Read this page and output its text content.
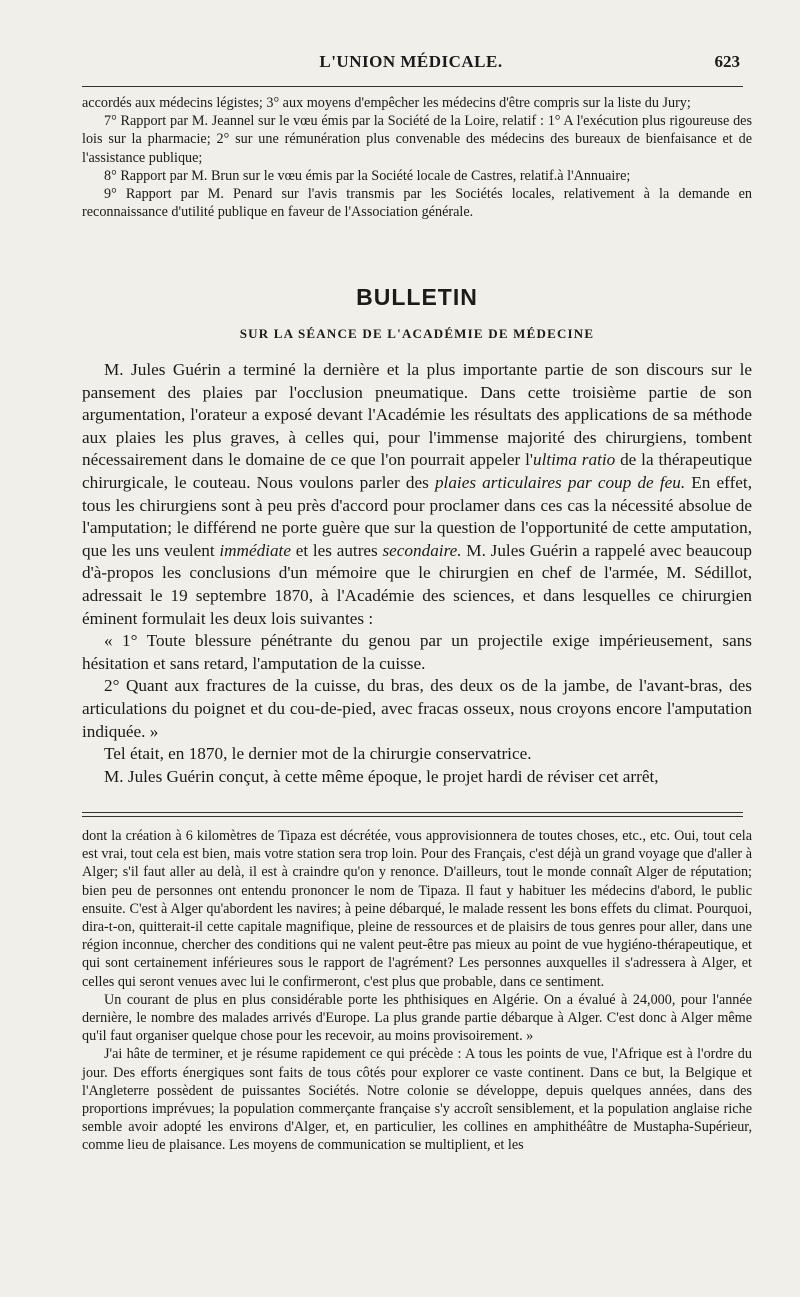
L'UNION MÉDICALE.	623

accordés aux médecins légistes; 3° aux moyens d'empêcher les médecins d'être compris sur la liste du Jury;

7° Rapport par M. Jeannel sur le vœu émis par la Société de la Loire, relatif : 1° A l'exécution plus rigoureuse des lois sur la pharmacie; 2° sur une rémunération plus convenable des médecins des bureaux de bienfaisance et de l'assistance publique;

8° Rapport par M. Brun sur le vœu émis par la Société locale de Castres, relatif.à l'Annuaire;

9° Rapport par M. Penard sur l'avis transmis par les Sociétés locales, relativement à la demande en reconnaissance d'utilité publique en faveur de l'Association générale.

BULLETIN
SUR LA SÉANCE DE L'ACADÉMIE DE MÉDECINE

M. Jules Guérin a terminé la dernière et la plus importante partie de son discours sur le pansement des plaies par l'occlusion pneumatique. Dans cette troisième partie de son argumentation, l'orateur a exposé devant l'Académie les résultats des applications de sa méthode aux plaies les plus graves, à celles qui, pour l'immense majorité des chirurgiens, tombent nécessairement dans le domaine de ce que l'on pourrait appeler l'ultima ratio de la thérapeutique chirurgicale, le couteau. Nous voulons parler des plaies articulaires par coup de feu. En effet, tous les chirurgiens sont à peu près d'accord pour proclamer dans ces cas la nécessité absolue de l'amputation; le différend ne porte guère que sur la question de l'opportunité de cette amputation, que les uns veulent immédiate et les autres secondaire. M. Jules Guérin a rappelé avec beaucoup d'à-propos les conclusions d'un mémoire que le chirurgien en chef de l'armée, M. Sédillot, adressait le 19 septembre 1870, à l'Académie des sciences, et dans lesquelles ce chirurgien éminent formulait les deux lois suivantes :

« 1° Toute blessure pénétrante du genou par un projectile exige impérieusement, sans hésitation et sans retard, l'amputation de la cuisse.

2° Quant aux fractures de la cuisse, du bras, des deux os de la jambe, de l'avant-bras, des articulations du poignet et du cou-de-pied, avec fracas osseux, nous croyons encore l'amputation indiquée. »

Tel était, en 1870, le dernier mot de la chirurgie conservatrice.

M. Jules Guérin conçut, à cette même époque, le projet hardi de réviser cet arrêt,

dont la création à 6 kilomètres de Tipaza est décrétée, vous approvisionnera de toutes choses, etc., etc. Oui, tout cela est vrai, tout cela est bien, mais votre station sera trop loin. Pour des Français, c'est déjà un grand voyage que d'aller à Alger; s'il faut aller au delà, il est à craindre qu'on y renonce. D'ailleurs, tout le monde connaît Alger de réputation; bien peu de personnes ont entendu prononcer le nom de Tipaza. Il faut y habituer les médecins d'abord, le public ensuite. C'est à Alger qu'abordent les navires; à peine débarqué, le malade ressent les bons effets du climat. Pourquoi, dira-t-on, quitterait-il cette capitale magnifique, pleine de ressources et de plaisirs de tous genres pour aller, dans une région inconnue, chercher des conditions qui ne valent peut-être pas mieux au point de vue hygiéno-thérapeutique, et qui sont certainement inférieures sous le rapport de l'agrément? Les personnes auxquelles il s'adressera à Alger, et celles qui seront venues avec lui le confirmeront, c'est plus que probable, dans ce sentiment.

Un courant de plus en plus considérable porte les phthisiques en Algérie. On a évalué à 24,000, pour l'année dernière, le nombre des malades arrivés d'Europe. La plus grande partie débarque à Alger. C'est donc à Alger même qu'il faut organiser quelque chose pour les recevoir, au moins provisoirement. »

J'ai hâte de terminer, et je résume rapidement ce qui précède : A tous les points de vue, l'Afrique est à l'ordre du jour. Des efforts énergiques sont faits de tous côtés pour explorer ce vaste continent. Dans ce but, la Belgique et l'Angleterre possèdent de puissantes Sociétés. Notre colonie se développe, depuis quelques années, dans des proportions imprévues; la population commerçante française s'y accroît sensiblement, et la population anglaise riche semble avoir adopté les environs d'Alger, et, en particulier, les collines en amphithéâtre de Mustapha-Supérieur, comme lieu de plaisance. Les moyens de communication se multiplient, et les
